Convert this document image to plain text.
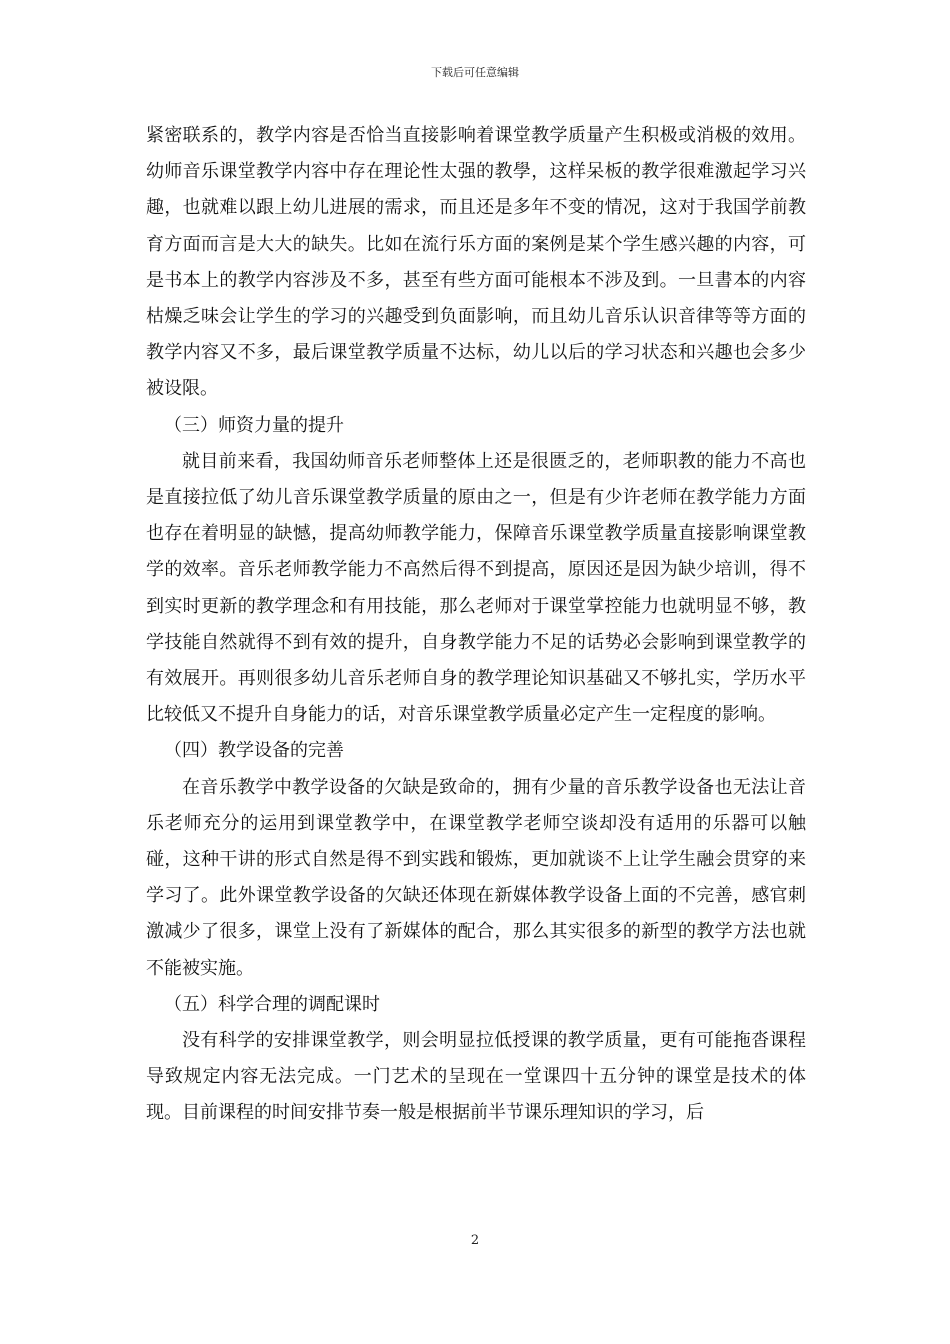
下载后可任意编辑

紧密联系的，教学内容是否恰当直接影响着课堂教学质量产生积极或消极的效用。幼师音乐课堂教学内容中存在理论性太强的教學，这样呆板的教学很难激起学习兴趣，也就难以跟上幼儿进展的需求，而且还是多年不变的情况，这对于我国学前教育方面而言是大大的缺失。比如在流行乐方面的案例是某个学生感兴趣的内容，可是书本上的教学内容涉及不多，甚至有些方面可能根本不涉及到。一旦書本的内容枯燥乏味会让学生的学习的兴趣受到负面影响，而且幼儿音乐认识音律等等方面的教学内容又不多，最后课堂教学质量不达标，幼儿以后的学习状态和兴趣也会多少被设限。

（三）师资力量的提升

就目前来看，我国幼师音乐老师整体上还是很匮乏的，老师职教的能力不高也是直接拉低了幼儿音乐课堂教学质量的原由之一，但是有少许老师在教学能力方面也存在着明显的缺憾，提高幼师教学能力，保障音乐课堂教学质量直接影响课堂教学的效率。音乐老师教学能力不高然后得不到提高，原因还是因为缺少培训，得不到实时更新的教学理念和有用技能，那么老师对于课堂掌控能力也就明显不够，教学技能自然就得不到有效的提升，自身教学能力不足的话势必会影响到课堂教学的有效展开。再则很多幼儿音乐老师自身的教学理论知识基础又不够扎实，学历水平比较低又不提升自身能力的话，对音乐课堂教学质量必定产生一定程度的影响。

（四）教学设备的完善

在音乐教学中教学设备的欠缺是致命的，拥有少量的音乐教学设备也无法让音乐老师充分的运用到课堂教学中，在课堂教学老师空谈却没有适用的乐器可以触碰，这种干讲的形式自然是得不到实践和锻炼，更加就谈不上让学生融会贯穿的来学习了。此外课堂教学设备的欠缺还体现在新媒体教学设备上面的不完善，感官刺激减少了很多，课堂上没有了新媒体的配合，那么其实很多的新型的教学方法也就不能被实施。

（五）科学合理的调配课时

没有科学的安排课堂教学，则会明显拉低授课的教学质量，更有可能拖沓课程导致规定内容无法完成。一门艺术的呈现在一堂课四十五分钟的课堂是技术的体现。目前课程的时间安排节奏一般是根据前半节课乐理知识的学习，后

2
